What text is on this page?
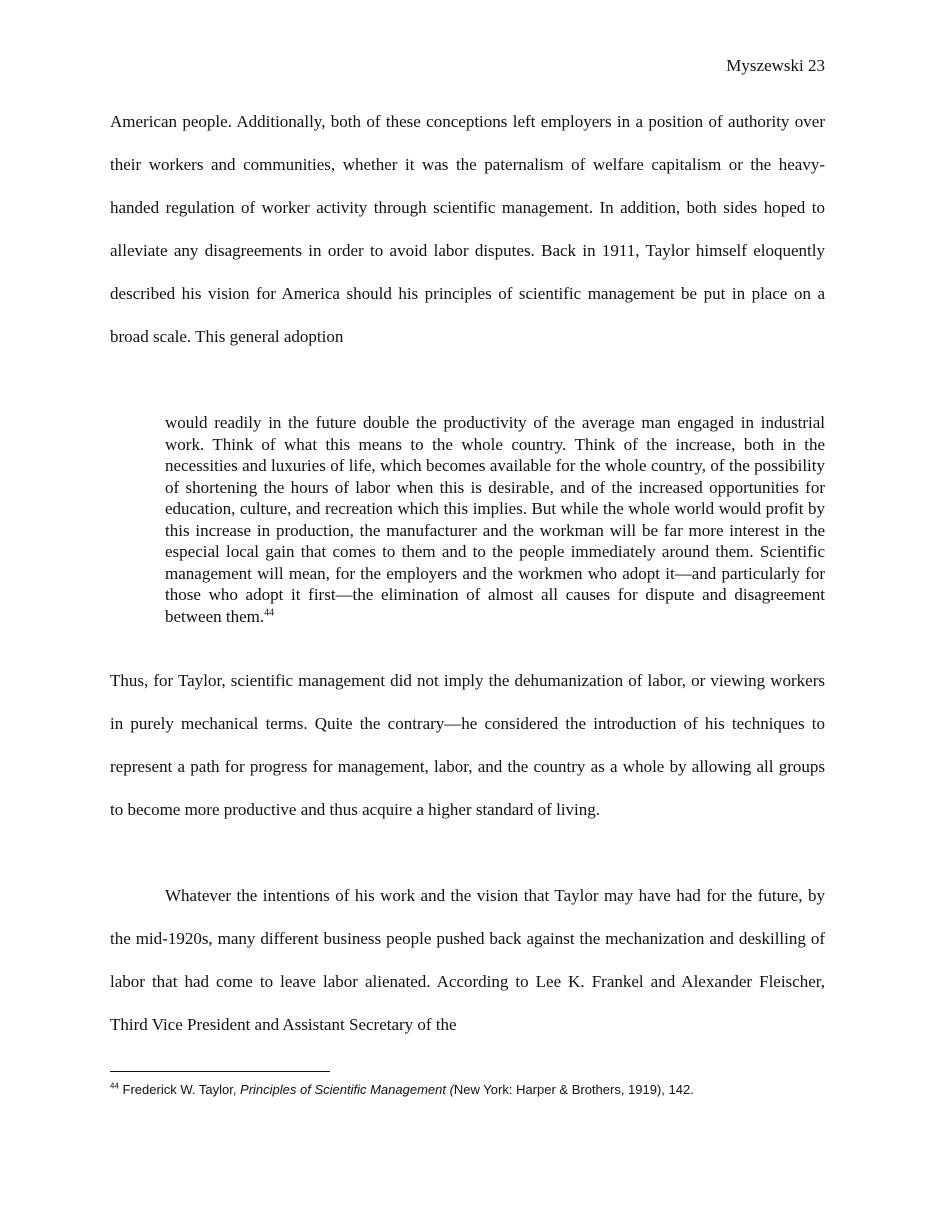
Myszewski 23
American people. Additionally, both of these conceptions left employers in a position of authority over their workers and communities, whether it was the paternalism of welfare capitalism or the heavy-handed regulation of worker activity through scientific management. In addition, both sides hoped to alleviate any disagreements in order to avoid labor disputes. Back in 1911, Taylor himself eloquently described his vision for America should his principles of scientific management be put in place on a broad scale. This general adoption
would readily in the future double the productivity of the average man engaged in industrial work. Think of what this means to the whole country. Think of the increase, both in the necessities and luxuries of life, which becomes available for the whole country, of the possibility of shortening the hours of labor when this is desirable, and of the increased opportunities for education, culture, and recreation which this implies. But while the whole world would profit by this increase in production, the manufacturer and the workman will be far more interest in the especial local gain that comes to them and to the people immediately around them. Scientific management will mean, for the employers and the workmen who adopt it—and particularly for those who adopt it first—the elimination of almost all causes for dispute and disagreement between them.$^{44}$
Thus, for Taylor, scientific management did not imply the dehumanization of labor, or viewing workers in purely mechanical terms. Quite the contrary—he considered the introduction of his techniques to represent a path for progress for management, labor, and the country as a whole by allowing all groups to become more productive and thus acquire a higher standard of living.
Whatever the intentions of his work and the vision that Taylor may have had for the future, by the mid-1920s, many different business people pushed back against the mechanization and deskilling of labor that had come to leave labor alienated. According to Lee K. Frankel and Alexander Fleischer, Third Vice President and Assistant Secretary of the
$^{44}$ Frederick W. Taylor, Principles of Scientific Management (New York: Harper & Brothers, 1919), 142.
